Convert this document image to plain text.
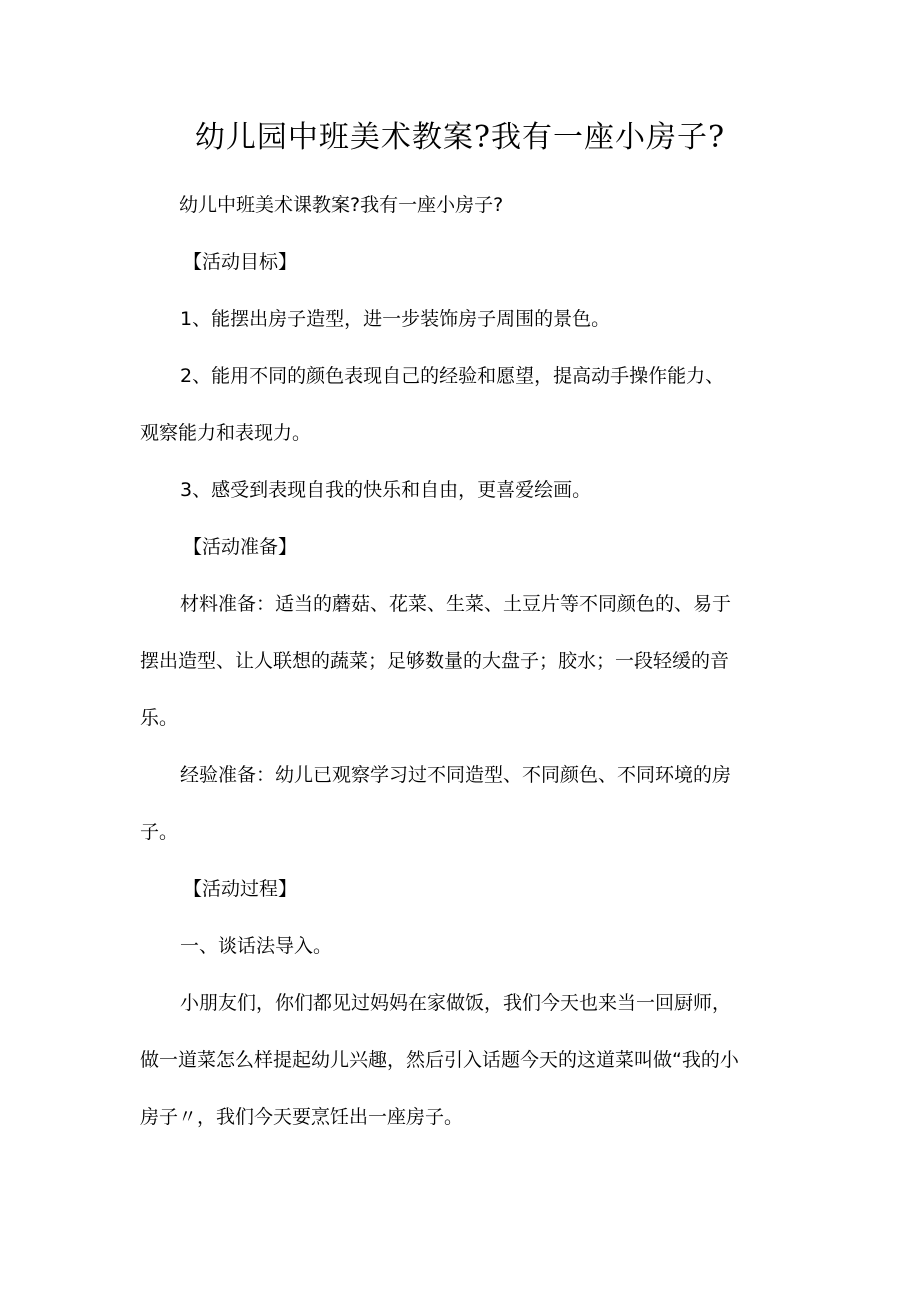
幼儿园中班美术教案?我有一座小房子?
幼儿中班美术课教案?我有一座小房子?
【活动目标】
1、能摆出房子造型，进一步装饰房子周围的景色。
2、能用不同的颜色表现自己的经验和愿望，提高动手操作能力、
观察能力和表现力。
3、感受到表现自我的快乐和自由，更喜爱绘画。
【活动准备】
材料准备：适当的蘑菇、花菜、生菜、土豆片等不同颜色的、易于
摆出造型、让人联想的蔬菜；足够数量的大盘子；胶水；一段轻缓的音
乐。
经验准备：幼儿已观察学习过不同造型、不同颜色、不同环境的房
子。
【活动过程】
一、谈话法导入。
小朋友们，你们都见过妈妈在家做饭，我们今天也来当一回厨师，
做一道菜怎么样提起幼儿兴趣，然后引入话题今天的这道菜叫做“我的小
房子〃，我们今天要烹饪出一座房子。
